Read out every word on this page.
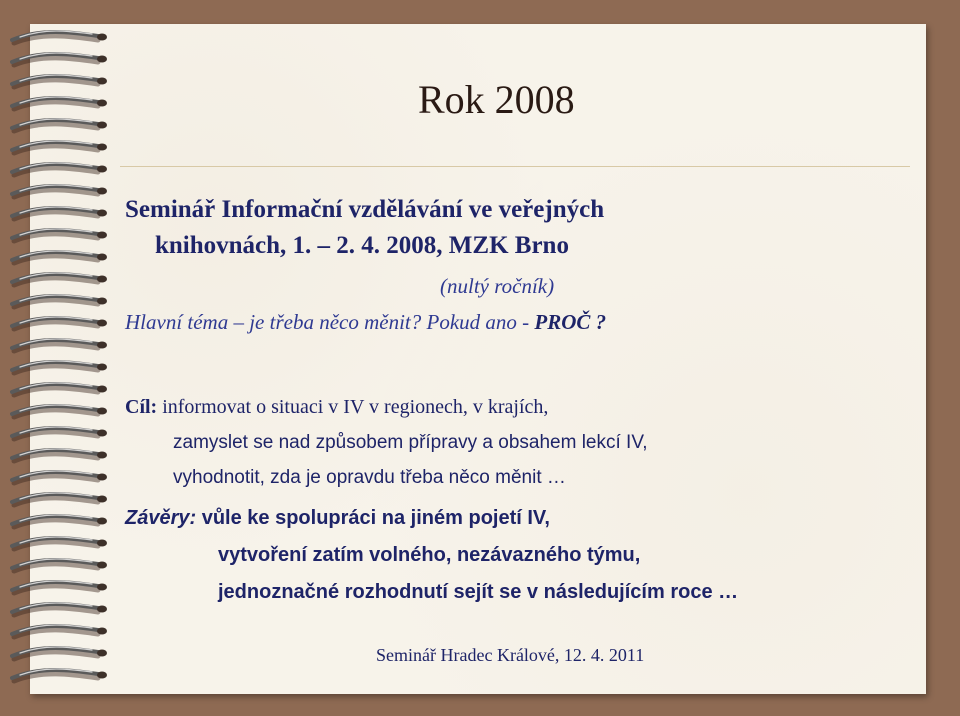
Rok 2008

Seminář Informační vzdělávání ve veřejných
knihovnách, 1. – 2. 4. 2008, MZK Brno

(nultý ročník)
Hlavní téma – je třeba něco měnit? Pokud ano - PROČ ?
Cíl: informovat o situaci v IV v regionech, v krajích,
zamyslet se nad způsobem přípravy a obsahem lekcí IV,
vyhodnotit, zda je opravdu třeba něco měnit …
Závěry: vůle ke spolupráci na jiném pojetí IV,
vytvoření zatím volného, nezávazného týmu,
jednoznačné rozhodnutí sejít se v následujícím roce …
Seminář Hradec Králové, 12. 4. 2011
